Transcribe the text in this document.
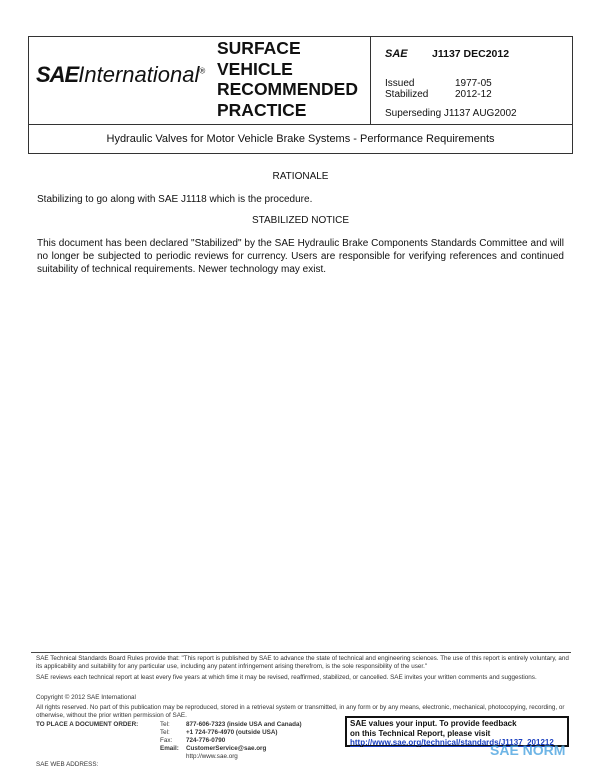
SAEInternational®
SURFACE
VEHICLE
RECOMMENDED
PRACTICE
SAE J1137 DEC2012
Issued	1977-05
Stabilized	2012-12
Superseding J1137 AUG2002
Hydraulic Valves for Motor Vehicle Brake Systems - Performance Requirements
RATIONALE
Stabilizing to go along with SAE J1118 which is the procedure.
STABILIZED NOTICE
This document has been declared "Stabilized" by the SAE Hydraulic Brake Components Standards Committee and will no longer be subjected to periodic reviews for currency. Users are responsible for verifying references and continued suitability of technical requirements. Newer technology may exist.
SAE Technical Standards Board Rules provide that: "This report is published by SAE to advance the state of technical and engineering sciences. The use of this report is entirely voluntary, and its applicability and suitability for any particular use, including any patent infringement arising therefrom, is the sole responsibility of the user."
SAE reviews each technical report at least every five years at which time it may be revised, reaffirmed, stabilized, or cancelled. SAE invites your written comments and suggestions.
Copyright © 2012 SAE International
All rights reserved. No part of this publication may be reproduced, stored in a retrieval system or transmitted, in any form or by any means, electronic, mechanical, photocopying, recording, or otherwise, without the prior written permission of SAE.
TO PLACE A DOCUMENT ORDER:	Tel:	877-606-7323 (inside USA and Canada)
Tel:	+1 724-776-4970 (outside USA)
Fax: 724-776-0790
Email: CustomerService@sae.org
http://www.sae.org
SAE WEB ADDRESS:
SAE values your input. To provide feedback
on this Technical Report, please visit
http://www.sae.org/technical/standards/J1137_201212
SAE NORM
